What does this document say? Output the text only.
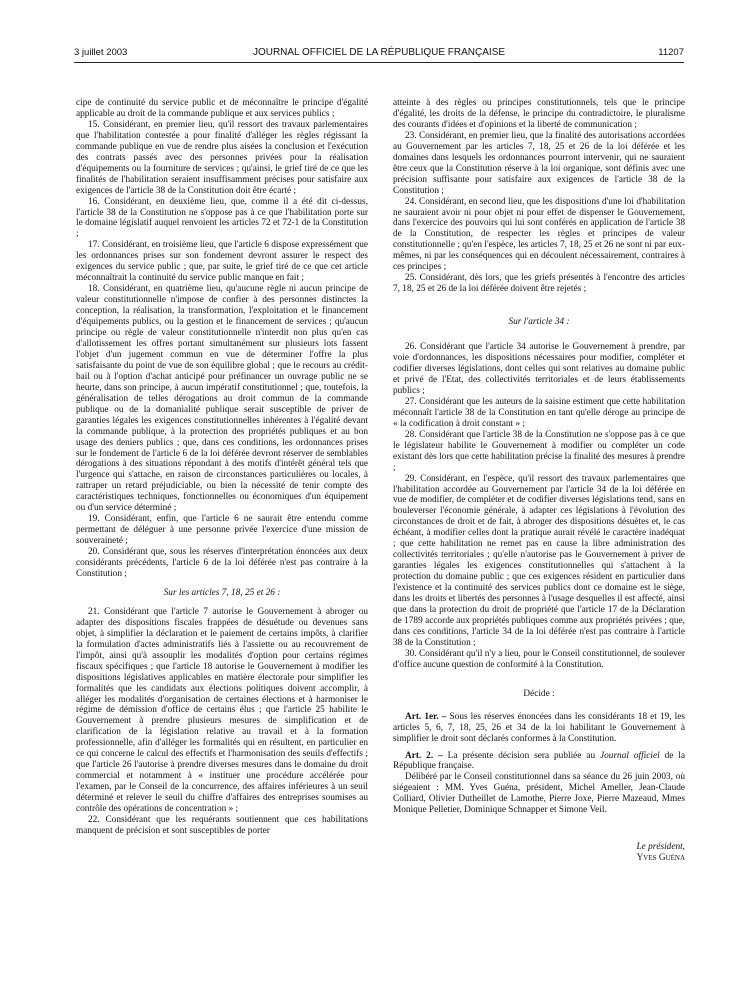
3 juillet 2003	JOURNAL OFFICIEL DE LA RÉPUBLIQUE FRANÇAISE	11207

cipe de continuité du service public et de méconnaître le principe d'égalité applicable au droit de la commande publique et aux services publics ;

15. Considérant, en premier lieu, qu'il ressort des travaux parlementaires que l'habilitation contestée a pour finalité d'alléger les règles régissant la commande publique en vue de rendre plus aisées la conclusion et l'exécution des contrats passés avec des personnes privées pour la réalisation d'équipements ou la fourniture de services ; qu'ainsi, le grief tiré de ce que les finalités de l'habilitation seraient insuffisamment précises pour satisfaire aux exigences de l'article 38 de la Constitution doit être écarté ;

16. Considérant, en deuxième lieu, que, comme il a été dit ci-dessus, l'article 38 de la Constitution ne s'oppose pas à ce que l'habilitation porte sur le domaine législatif auquel renvoient les articles 72 et 72-1 de la Constitution ;

17. Considérant, en troisième lieu, que l'article 6 dispose expressément que les ordonnances prises sur son fondement devront assurer le respect des exigences du service public ; que, par suite, le grief tiré de ce que cet article méconnaîtrait la continuité du service public manque en fait ;

18. Considérant, en quatrième lieu, qu'aucune règle ni aucun principe de valeur constitutionnelle n'impose de confier à des personnes distinctes la conception, la réalisation, la transformation, l'exploitation et le financement d'équipements publics, ou la gestion et le financement de services ; qu'aucun principe ou règle de valeur constitutionnelle n'interdit non plus qu'en cas d'allotissement les offres portant simultanément sur plusieurs lots fassent l'objet d'un jugement commun en vue de déterminer l'offre la plus satisfaisante du point de vue de son équilibre global ; que le recours au crédit-bail ou à l'option d'achat anticipé pour préfinancer un ouvrage public ne se heurte, dans son principe, à aucun impératif constitutionnel ; que, toutefois, la généralisation de telles dérogations au droit commun de la commande publique ou de la domanialité publique serait susceptible de priver de garanties légales les exigences constitutionnelles inhérentes à l'égalité devant la commande publique, à la protection des propriétés publiques et au bon usage des deniers publics ; que, dans ces conditions, les ordonnances prises sur le fondement de l'article 6 de la loi déférée devront réserver de semblables dérogations à des situations répondant à des motifs d'intérêt général tels que l'urgence qui s'attache, en raison de circonstances particulières ou locales, à rattraper un retard préjudiciable, ou bien la nécessité de tenir compte des caractéristiques techniques, fonctionnelles ou économiques d'un équipement ou d'un service déterminé ;

19. Considérant, enfin, que l'article 6 ne saurait être entendu comme permettant de déléguer à une personne privée l'exercice d'une mission de souveraineté ;

20. Considérant que, sous les réserves d'interprétation énoncées aux deux considérants précédents, l'article 6 de la loi déférée n'est pas contraire à la Constitution ;

Sur les articles 7, 18, 25 et 26 :

21. Considérant que l'article 7 autorise le Gouvernement à abroger ou adapter des dispositions fiscales frappées de désuétude ou devenues sans objet, à simplifier la déclaration et le paiement de certains impôts, à clarifier la formulation d'actes administratifs liés à l'assiette ou au recouvrement de l'impôt, ainsi qu'à assouplir les modalités d'option pour certains régimes fiscaux spécifiques ; que l'article 18 autorise le Gouvernement à modifier les dispositions législatives applicables en matière électorale pour simplifier les formalités que les candidats aux élections politiques doivent accomplir, à alléger les modalités d'organisation de certaines élections et à harmoniser le régime de démission d'office de certains élus ; que l'article 25 habilite le Gouvernement à prendre plusieurs mesures de simplification et de clarification de la législation relative au travail et à la formation professionnelle, afin d'alléger les formalités qui en résultent, en particulier en ce qui concerne le calcul des effectifs et l'harmonisation des seuils d'effectifs ; que l'article 26 l'autorise à prendre diverses mesures dans le domaine du droit commercial et notamment à « instituer une procédure accélérée pour l'examen, par le Conseil de la concurrence, des affaires inférieures à un seuil déterminé et relever le seuil du chiffre d'affaires des entreprises soumises au contrôle des opérations de concentration » ;

22. Considérant que les requérants soutiennent que ces habilitations manquent de précision et sont susceptibles de porter

atteinte à des règles ou principes constitutionnels, tels que le principe d'égalité, les droits de la défense, le principe du contradictoire, le pluralisme des courants d'idées et d'opinions et la liberté de communication ;

23. Considérant, en premier lieu, que la finalité des autorisations accordées au Gouvernement par les articles 7, 18, 25 et 26 de la loi déférée et les domaines dans lesquels les ordonnances pourront intervenir, qui ne sauraient être ceux que la Constitution réserve à la loi organique, sont définis avec une précision suffisante pour satisfaire aux exigences de l'article 38 de la Constitution ;

24. Considérant, en second lieu, que les dispositions d'une loi d'habilitation ne sauraient avoir ni pour objet ni pour effet de dispenser le Gouvernement, dans l'exercice des pouvoirs qui lui sont conférés en application de l'article 38 de la Constitution, de respecter les règles et principes de valeur constitutionnelle ; qu'en l'espèce, les articles 7, 18, 25 et 26 ne sont ni par eux-mêmes, ni par les conséquences qui en découlent nécessairement, contraires à ces principes ;

25. Considérant, dès lors, que les griefs présentés à l'encontre des articles 7, 18, 25 et 26 de la loi déférée doivent être rejetés ;

Sur l'article 34 :

26. Considérant que l'article 34 autorise le Gouvernement à prendre, par voie d'ordonnances, les dispositions nécessaires pour modifier, compléter et codifier diverses législations, dont celles qui sont relatives au domaine public et privé de l'Etat, des collectivités territoriales et de leurs établissements publics ;

27. Considérant que les auteurs de la saisine estiment que cette habilitation méconnaît l'article 38 de la Constitution en tant qu'elle déroge au principe de « la codification à droit constant » ;

28. Considérant que l'article 38 de la Constitution ne s'oppose pas à ce que le législateur habilite le Gouvernement à modifier ou compléter un code existant dès lors que cette habilitation précise la finalité des mesures à prendre ;

29. Considérant, en l'espèce, qu'il ressort des travaux parlementaires que l'habilitation accordée au Gouvernement par l'article 34 de la loi déférée en vue de modifier, de compléter et de codifier diverses législations tend, sans en bouleverser l'économie générale, à adapter ces législations à l'évolution des circonstances de droit et de fait, à abroger des dispositions désuètes et, le cas échéant, à modifier celles dont la pratique aurait révélé le caractère inadéquat ; que cette habilitation ne remet pas en cause la libre administration des collectivités territoriales ; qu'elle n'autorise pas le Gouvernement à priver de garanties légales les exigences constitutionnelles qui s'attachent à la protection du domaine public ; que ces exigences résident en particulier dans l'existence et la continuité des services publics dont ce domaine est le siège, dans les droits et libertés des personnes à l'usage desquelles il est affecté, ainsi que dans la protection du droit de propriété que l'article 17 de la Déclaration de 1789 accorde aux propriétés publiques comme aux propriétés privées ; que, dans ces conditions, l'article 34 de la loi déférée n'est pas contraire à l'article 38 de la Constitution ;

30. Considérant qu'il n'y a lieu, pour le Conseil constitutionnel, de soulever d'office aucune question de conformité à la Constitution.

Décide :

Art. 1er. – Sous les réserves énoncées dans les considérants 18 et 19, les articles 5, 6, 7, 18, 25, 26 et 34 de la loi habilitant le Gouvernement à simplifier le droit sont déclarés conformes à la Constitution.

Art. 2. – La présente décision sera publiée au Journal officiel de la République française.

Délibéré par le Conseil constitutionnel dans sa séance du 26 juin 2003, où siégeaient : MM. Yves Guéna, président, Michel Ameller, Jean-Claude Colliard, Olivier Dutheillet de Lamothe, Pierre Joxe, Pierre Mazeaud, Mmes Monique Pelletier, Dominique Schnapper et Simone Veil.

Le président,

Yves Guéna
